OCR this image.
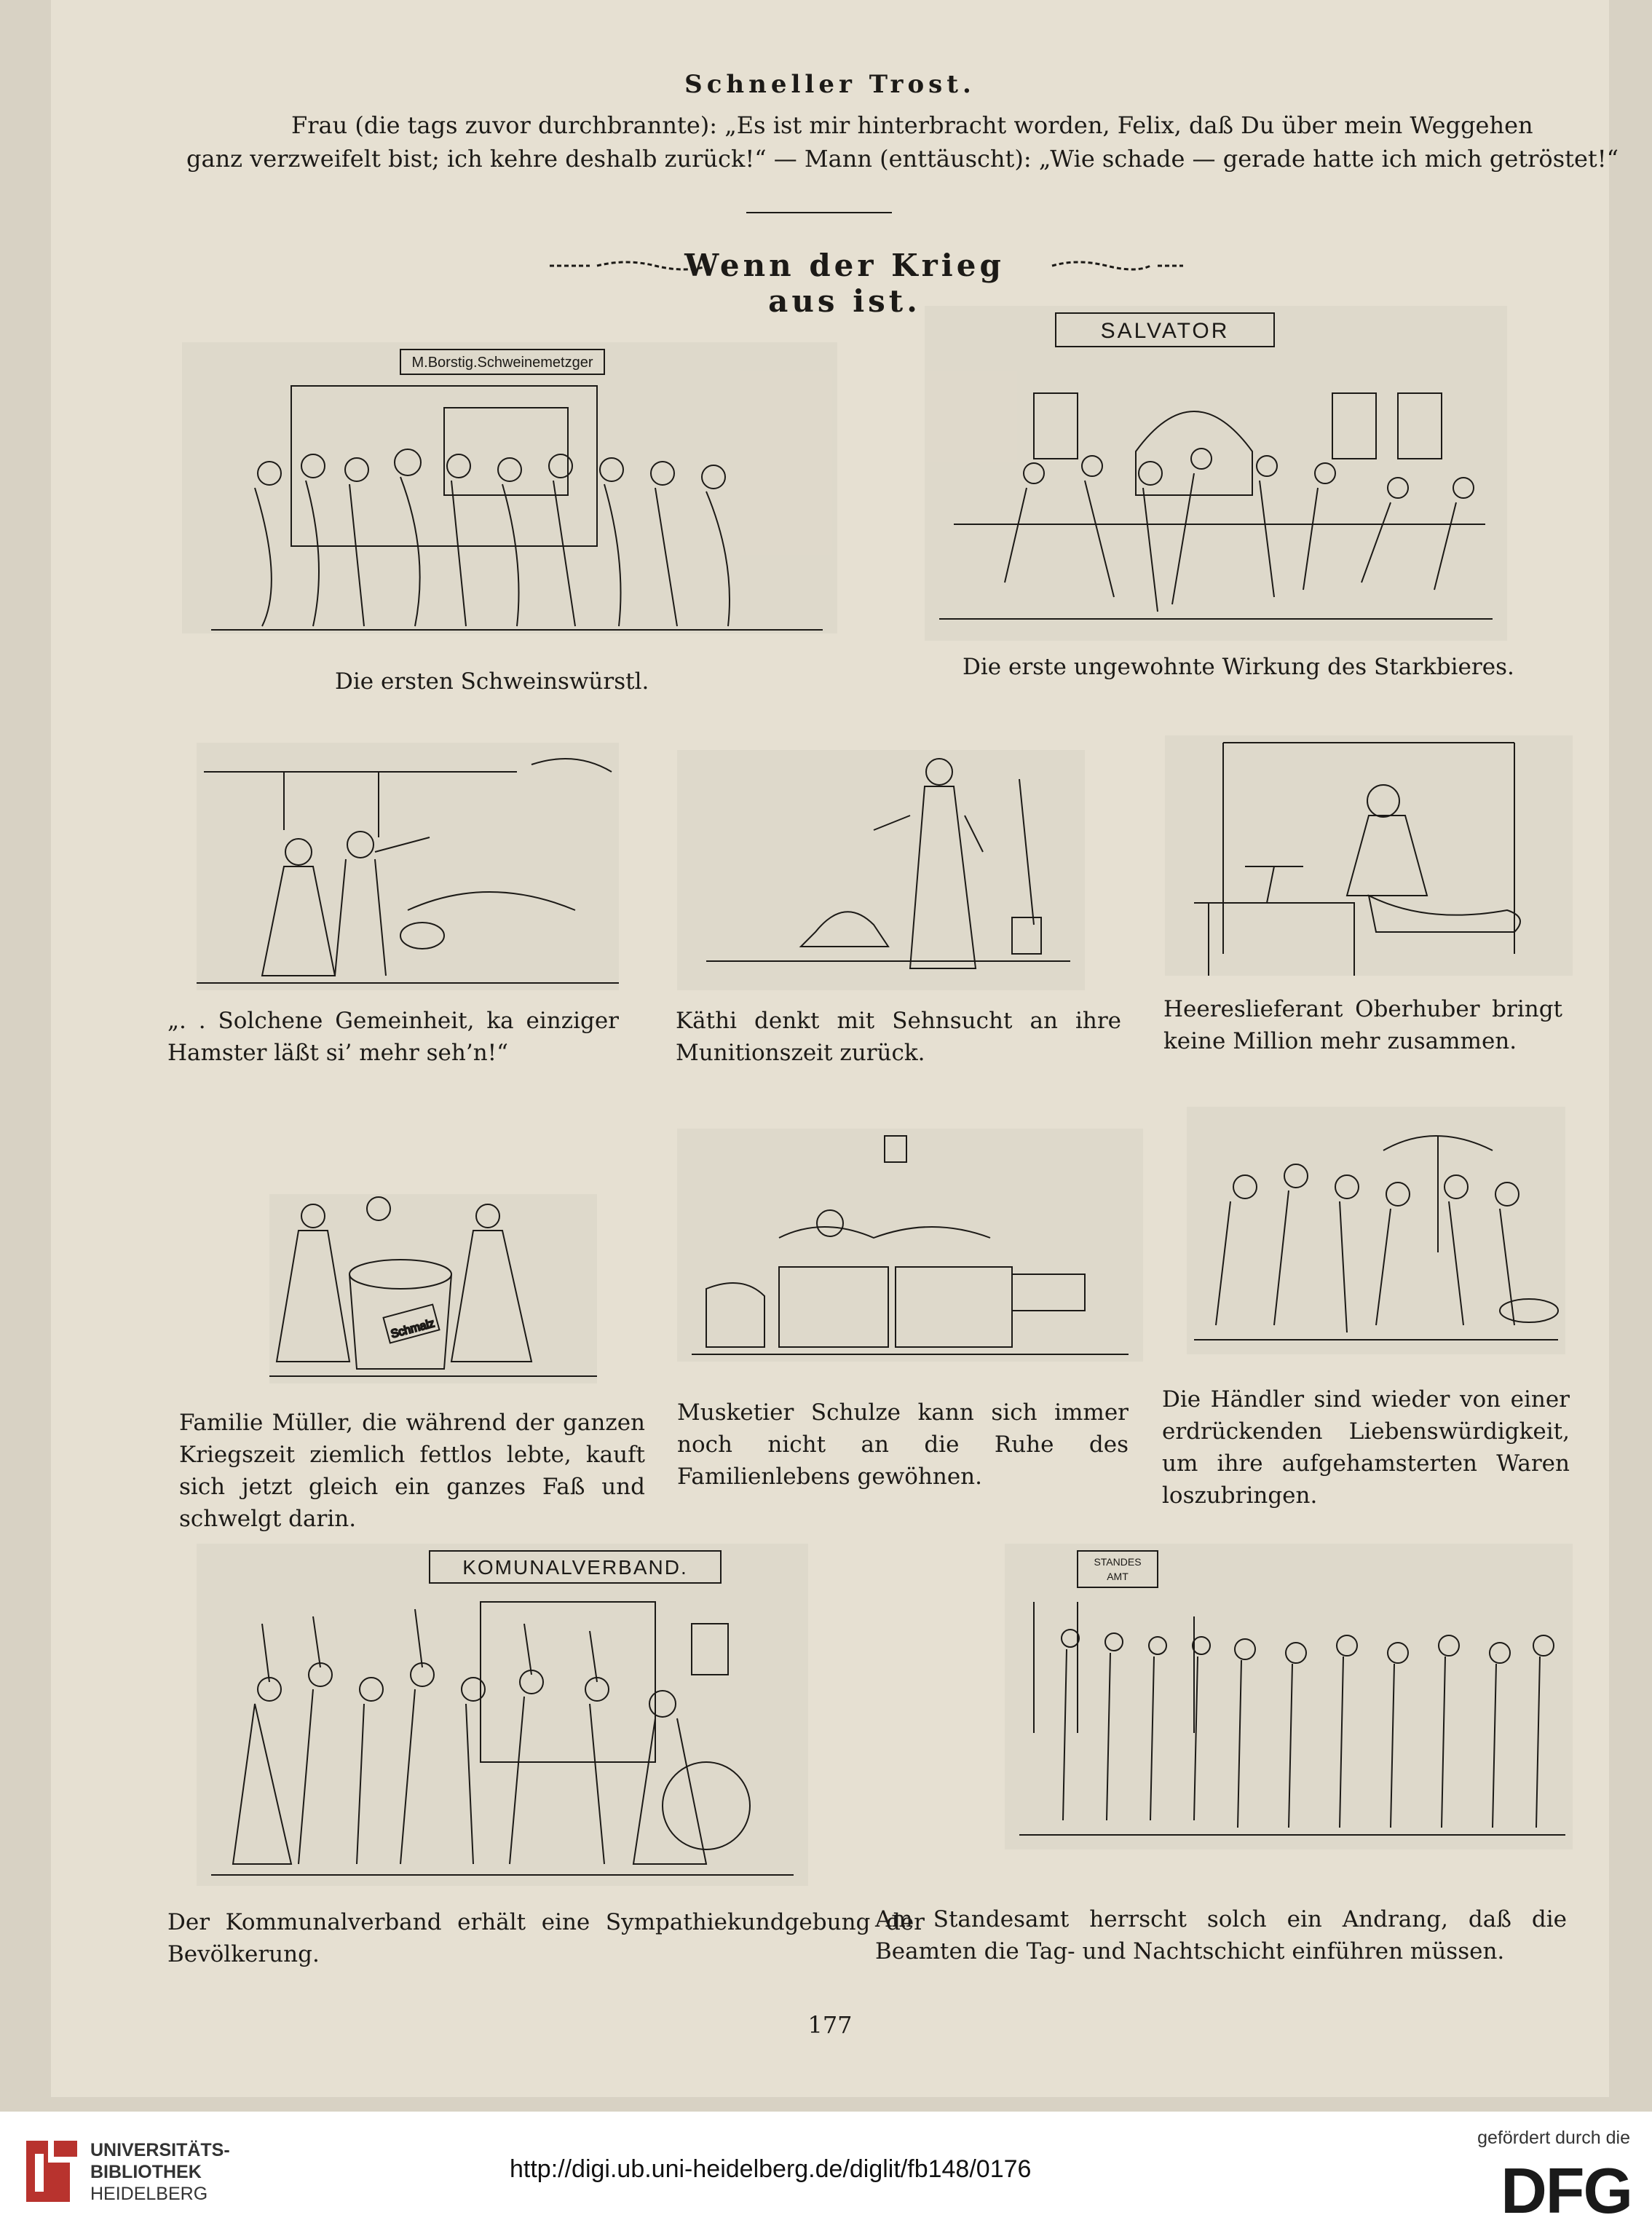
Schneller Trost.
Frau (die tags zuvor durchbrannte): „Es ist mir hinterbracht worden, Felix, daß Du über mein Weggehen
ganz verzweifelt bist; ich kehre deshalb zurück!“ — Mann (enttäuscht): „Wie schade — gerade hatte ich mich getröstet!“
Wenn der Krieg aus ist.
M.Borstig.Schweinemetzger
SALVATOR
Die ersten Schweinswürstl.
Die erste ungewohnte Wirkung des Starkbieres.
„. . Solchene Gemeinheit, ka einziger Hamster läßt si’ mehr seh’n!“
Käthi denkt mit Sehnsucht an ihre Munitionszeit zurück.
Heereslieferant Oberhuber bringt keine Million mehr zusammen.
Schmalz
Familie Müller, die während der ganzen Kriegszeit ziemlich fettlos lebte, kauft sich jetzt gleich ein ganzes Faß und schwelgt darin.
Musketier Schulze kann sich immer noch nicht an die Ruhe des Familienlebens gewöhnen.
Die Händler sind wieder von einer erdrückenden Liebenswürdigkeit, um ihre aufgehamsterten Waren loszubringen.
KOMUNALVERBAND.	STANDES
AMT
Der Kommunalverband erhält eine Sympathiekundgebung der Bevölkerung.
Am Standesamt herrscht solch ein Andrang, daß die Beamten die Tag- und Nachtschicht einführen müssen.
177
UNIVERSITÄTS-
BIBLIOTHEK
HEIDELBERG
http://digi.ub.uni-heidelberg.de/diglit/fb148/0176
gefördert durch die
DFG
